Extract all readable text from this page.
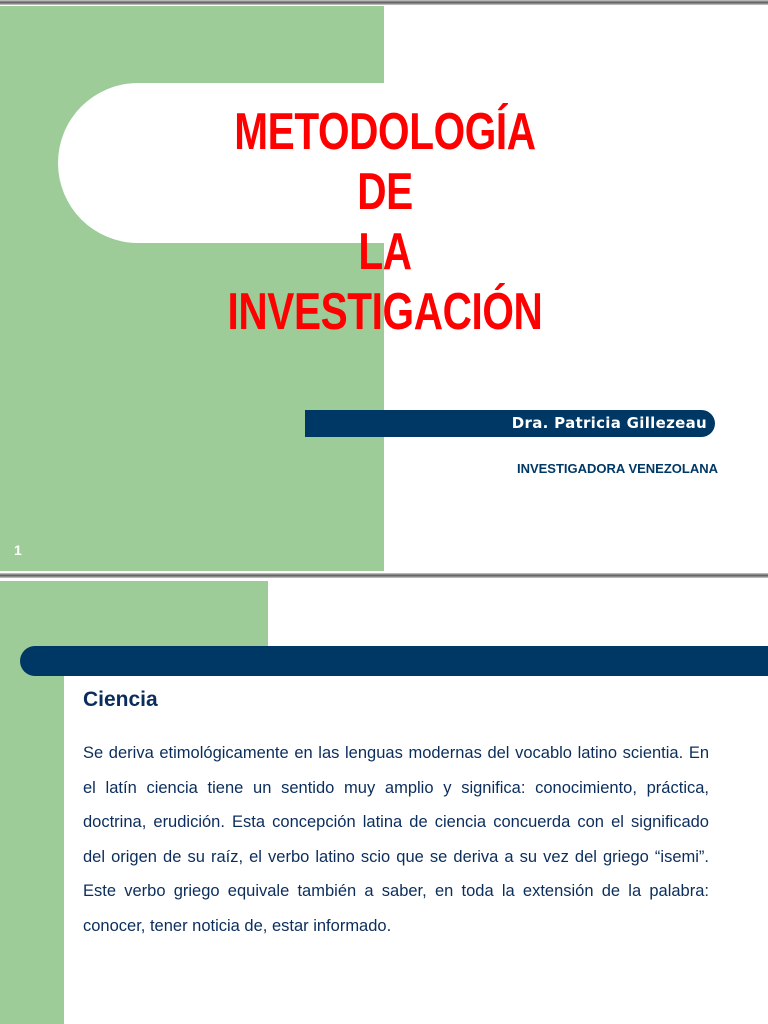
METODOLOGÍA DE
LA INVESTIGACIÓN
Dra. Patricia Gillezeau
INVESTIGADORA VENEZOLANA
1
Ciencia

Se deriva etimológicamente en las lenguas modernas del vocablo latino scientia. En el latín ciencia tiene un sentido muy amplio y significa: conocimiento, práctica, doctrina, erudición. Esta concepción latina de ciencia concuerda con el significado del origen de su raíz, el verbo latino scio que se deriva a su vez del griego “isemi”. Este verbo griego equivale también a saber, en toda la extensión de la palabra: conocer, tener noticia de, estar informado.
